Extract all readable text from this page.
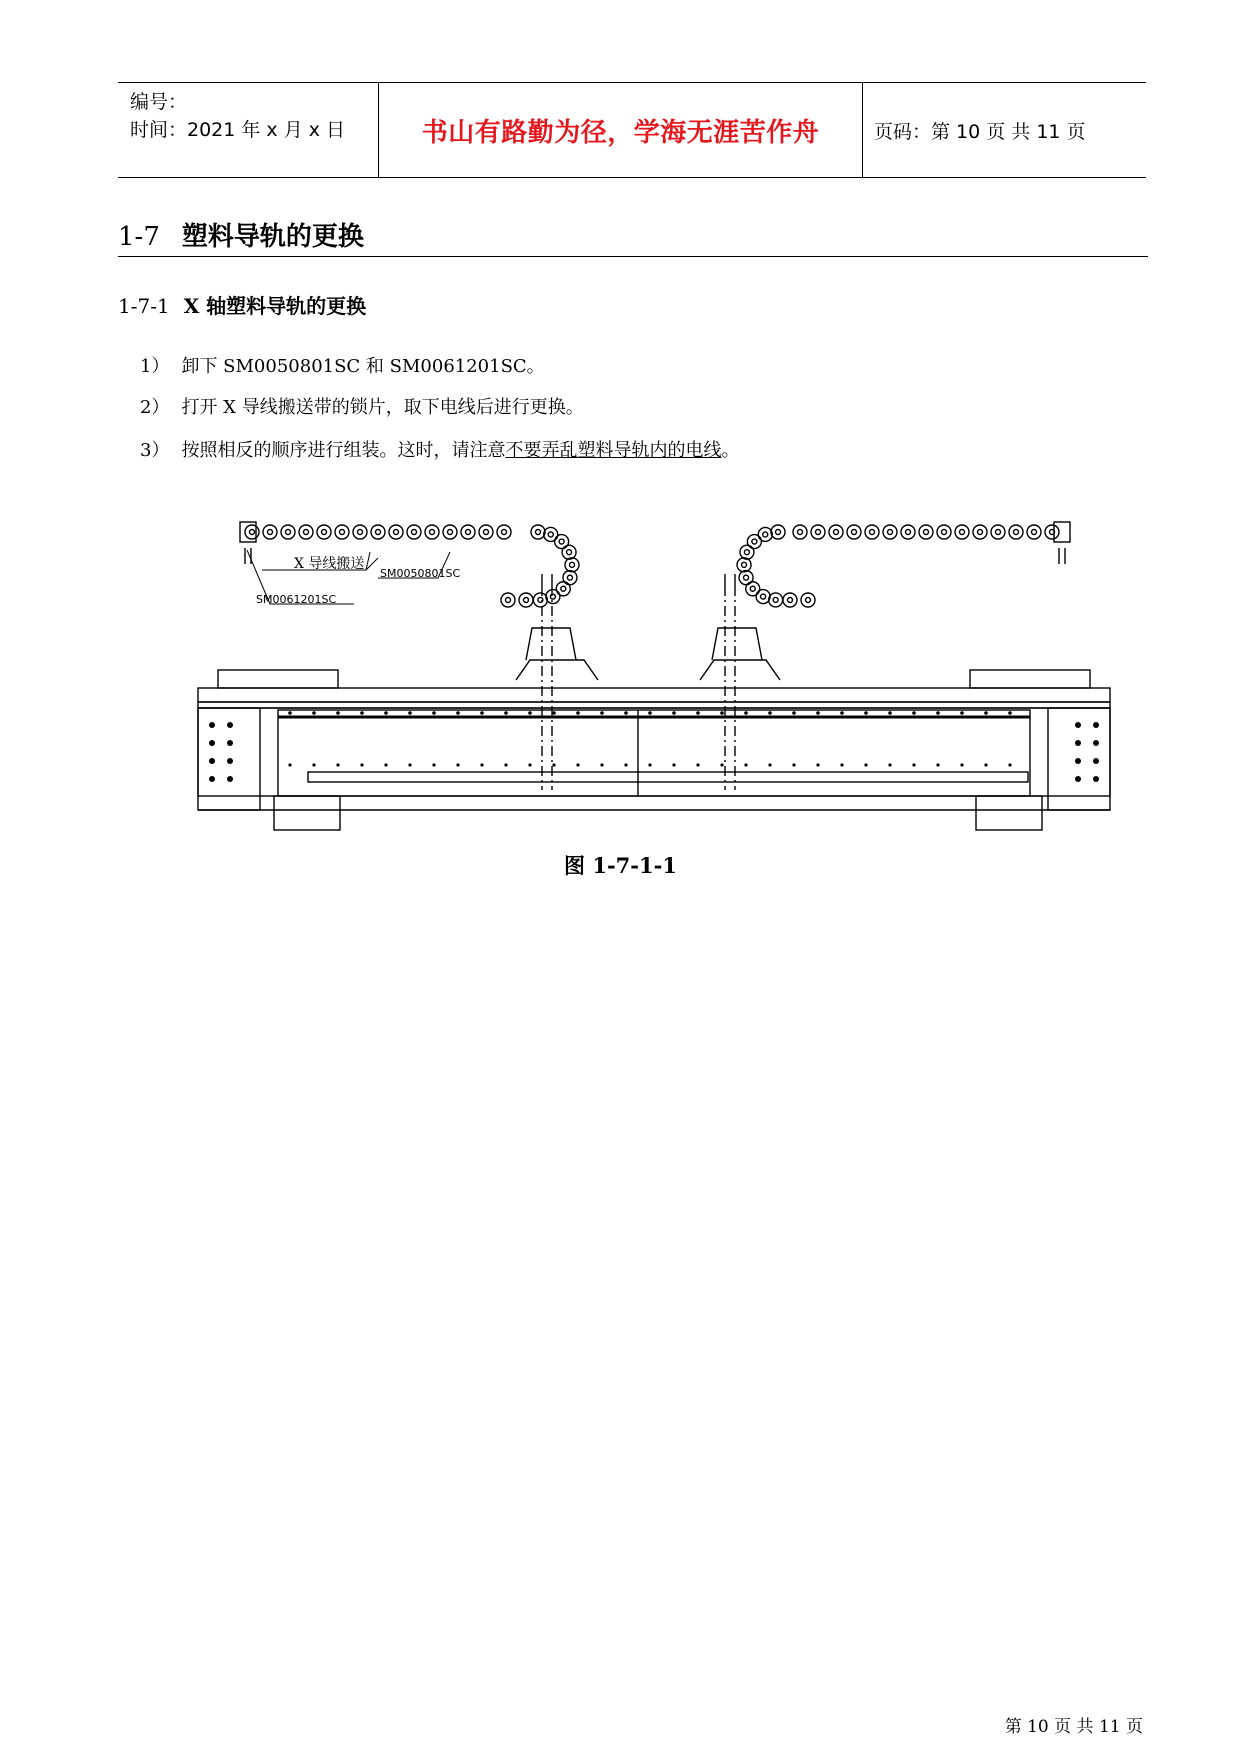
编号：
时间：2021 年 x 月 x 日	书山有路勤为径，学海无涯苦作舟	页码：第 10 页 共 11 页
1-7 塑料导轨的更换
1-7-1 X 轴塑料导轨的更换
1） 卸下 SM0050801SC 和 SM0061201SC。
2） 打开 X 导线搬送带的锁片，取下电线后进行更换。
3） 按照相反的顺序进行组装。这时，请注意不要弄乱塑料导轨内的电线。
X 导线搬送
SM0050801SC
SM0061201SC
图 1-7-1-1
第 10 页 共 11 页
